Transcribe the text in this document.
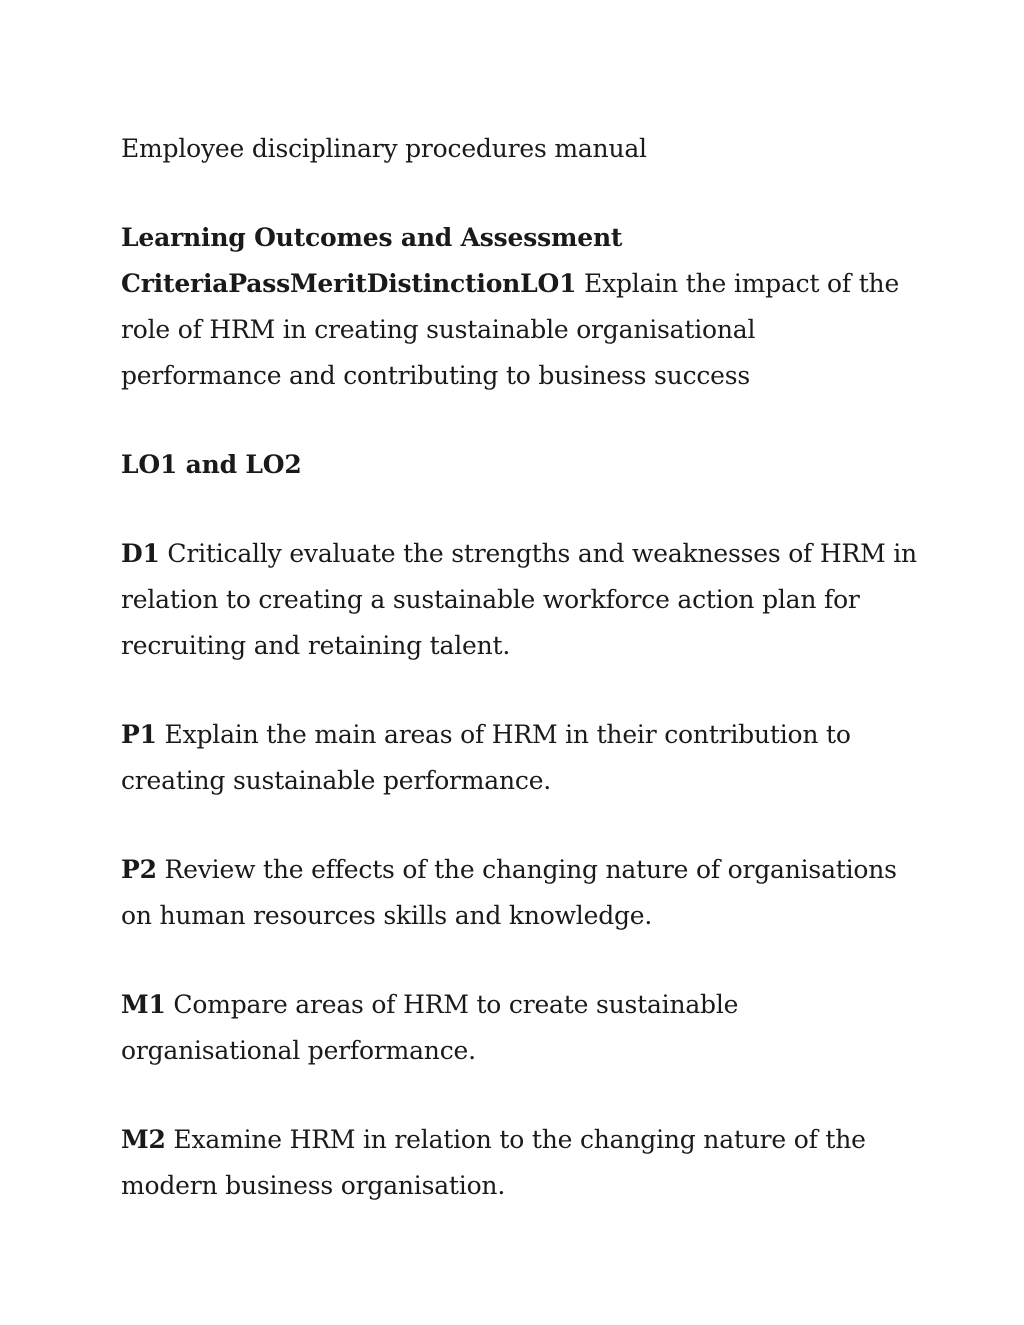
Employee disciplinary procedures manual

Learning Outcomes and Assessment CriteriaPassMeritDistinctionLO1 Explain the impact of the role of HRM in creating sustainable organisational performance and contributing to business success

LO1 and LO2

D1 Critically evaluate the strengths and weaknesses of HRM in relation to creating a sustainable workforce action plan for recruiting and retaining talent.

P1 Explain the main areas of HRM in their contribution to creating sustainable performance.

P2 Review the effects of the changing nature of organisations on human resources skills and knowledge.

M1 Compare areas of HRM to create sustainable organisational performance.

M2 Examine HRM in relation to the changing nature of the modern business organisation.
